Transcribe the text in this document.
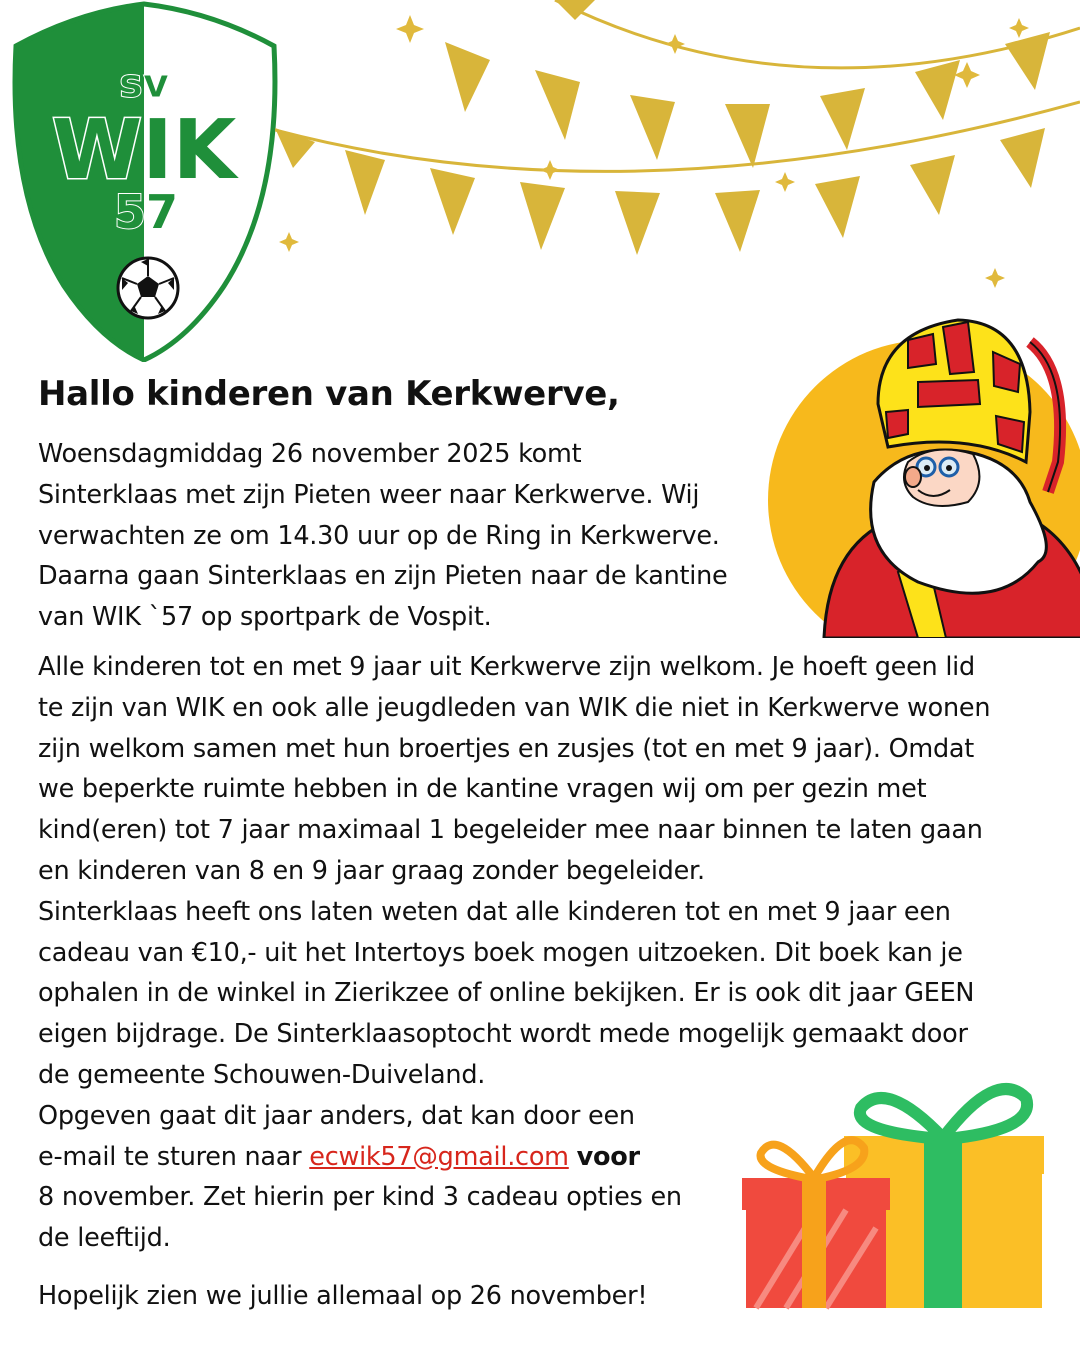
sv
WIK
57
Hallo kinderen van Kerkwerve,
Woensdagmiddag 26 november 2025 komt
Sinterklaas met zijn Pieten weer naar Kerkwerve. Wij
verwachten ze om 14.30 uur op de Ring in Kerkwerve.
Daarna gaan Sinterklaas en zijn Pieten naar de kantine
van WIK `57 op sportpark de Vospit.
Alle kinderen tot en met 9 jaar uit Kerkwerve zijn welkom. Je hoeft geen lid
te zijn van WIK en ook alle jeugdleden van WIK die niet in Kerkwerve wonen
zijn welkom samen met hun broertjes en zusjes (tot en met 9 jaar). Omdat
we beperkte ruimte hebben in de kantine vragen wij om per gezin met
kind(eren) tot 7 jaar maximaal 1 begeleider mee naar binnen te laten gaan
en kinderen van 8 en 9 jaar graag zonder begeleider.
Sinterklaas heeft ons laten weten dat alle kinderen tot en met 9 jaar een
cadeau van €10,- uit het Intertoys boek mogen uitzoeken. Dit boek kan je
ophalen in de winkel in Zierikzee of online bekijken. Er is ook dit jaar GEEN
eigen bijdrage. De Sinterklaasoptocht wordt mede mogelijk gemaakt door
de gemeente Schouwen-Duiveland.
Opgeven gaat dit jaar anders, dat kan door een
e-mail te sturen naar ecwik57@gmail.com voor
8 november. Zet hierin per kind 3 cadeau opties en
de leeftijd.

Hopelijk zien we jullie allemaal op 26 november!
